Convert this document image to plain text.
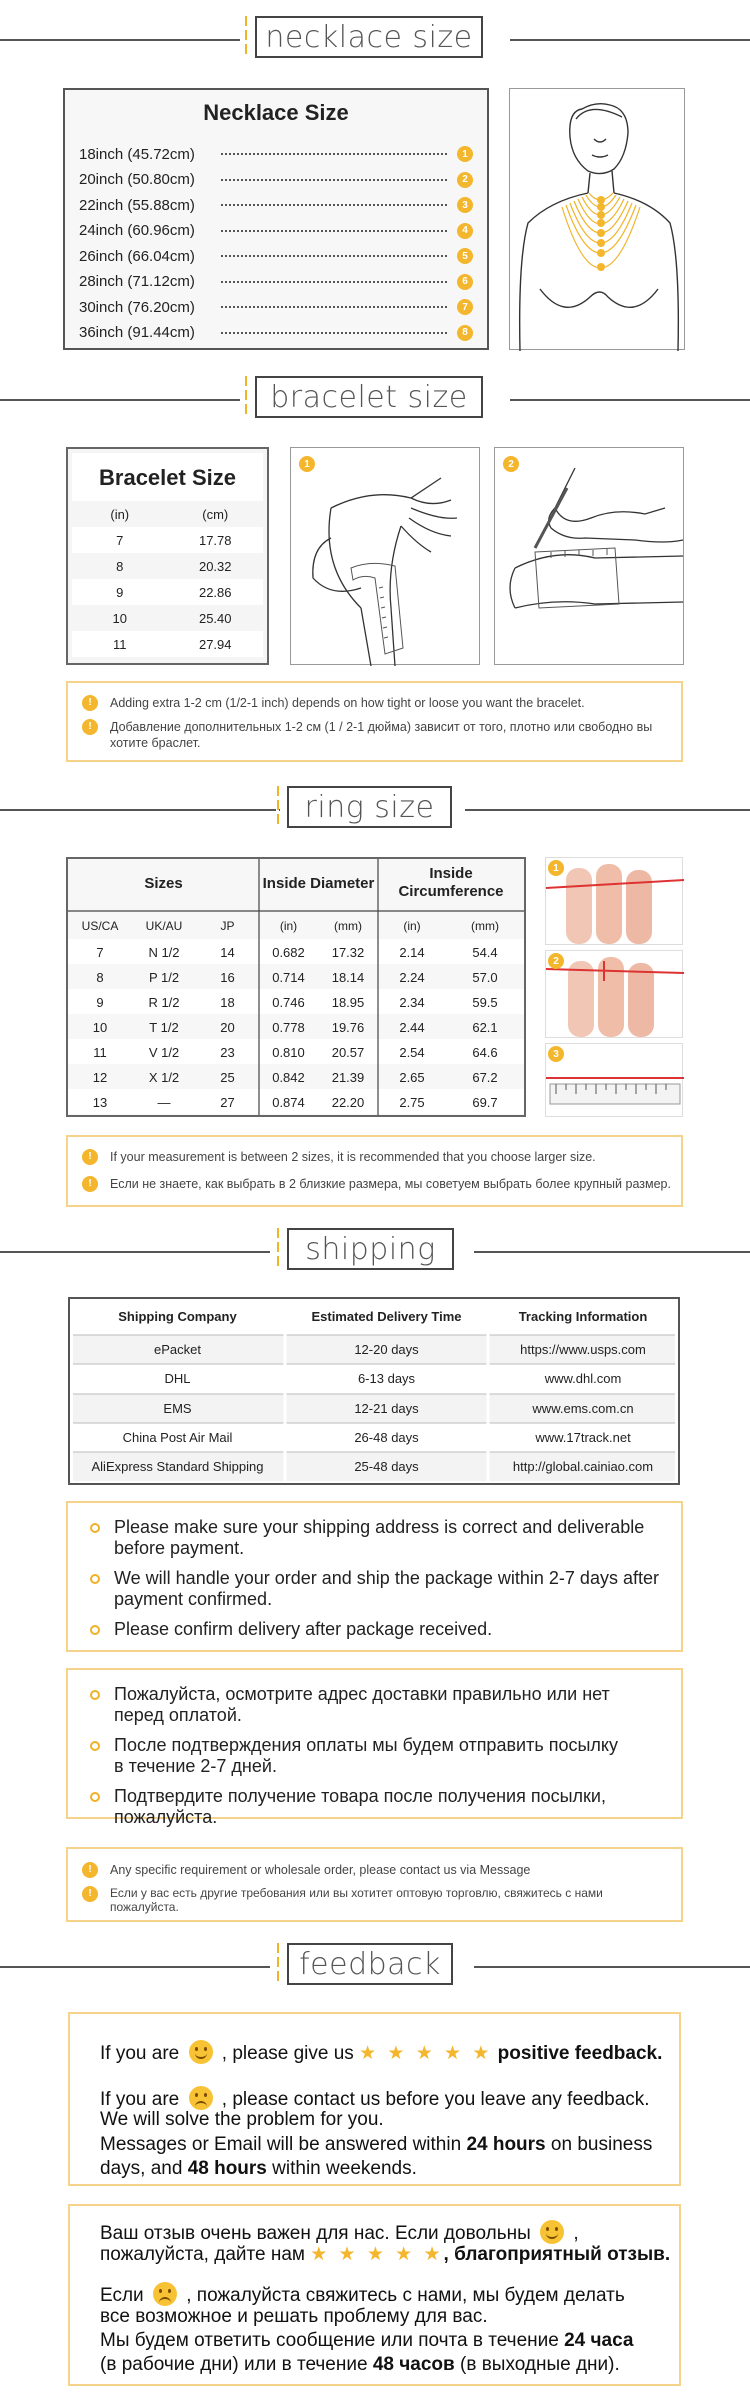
necklace size
Necklace Size
18inch (45.72cm)	1
20inch (50.80cm)	2
22inch (55.88cm)	3
24inch (60.96cm)	4
26inch (66.04cm)	5
28inch (71.12cm)	6
30inch (76.20cm)	7
36inch (91.44cm)	8
bracelet size
Bracelet Size
(in)	(cm)
7	17.78
8	20.32
9	22.86
10	25.40
11	27.94
1	2
!	Adding extra 1-2 cm (1/2-1 inch) depends on how tight or loose you want the bracelet.
!	Добавление дополнительных 1-2 см (1 / 2-1 дюйма) зависит от того, плотно или свободно вы хотите браслет.
ring size
Sizes	Inside Diameter
Inside
Circumference
US/CA	UK/AU	JP	(in)	(mm)	(in)	(mm)
7	N 1/2	14	0.682	17.32	2.14	54.4
8	P 1/2	16	0.714	18.14	2.24	57.0
9	R 1/2	18	0.746	18.95	2.34	59.5
10	T 1/2	20	0.778	19.76	2.44	62.1
11	V 1/2	23	0.810	20.57	2.54	64.6
12	X 1/2	25	0.842	21.39	2.65	67.2
13	—	27	0.874	22.20	2.75	69.7
1
2
3
!	If your measurement is between 2 sizes, it is recommended that you choose larger size.
!	Если не знаете, как выбрать в 2 близкие размера, мы советуем выбрать более крупный размер.
shipping
Shipping Company	Estimated Delivery Time	Tracking Information
ePacket	12-20 days	https://www.usps.com
DHL	6-13 days	www.dhl.com
EMS	12-21 days	www.ems.com.cn
China Post Air Mail	26-48 days	www.17track.net
AliExpress Standard Shipping	25-48 days	http://global.cainiao.com
Please make sure your shipping address is correct and deliverable
before payment.
We will handle your order and ship the package within 2-7 days after
payment confirmed.
Please confirm delivery after package received.
Пожалуйста, осмотрите адрес доставки правильно или нет
перед оплатой.
После подтверждения оплаты мы будем отправить посылку
в течение 2-7 дней.
Подтвердите получение товара после получения посылки,
пожалуйста.
!	Any specific requirement or wholesale order, please contact us via Message
!	Если у вас есть другие требования или вы хотитет оптовую торговлю, свяжитесь с нами пожалуйста.
feedback
If you are , please give us ★ ★ ★ ★ ★ positive feedback.
If you are , please contact us before you leave any feedback.
We will solve the problem for you.
Messages or Email will be answered within 24 hours on business
days, and 48 hours within weekends.
Ваш отзыв очень важен для нас. Если довольны ,
пожалуйста, дайте нам ★ ★ ★ ★ ★, благоприятный отзыв.
Если , пожалуйста свяжитесь с нами, мы будем делать
все возможное и решать проблему для вас.
Мы будем ответить сообщение или почта в течение 24 часа
(в рабочие дни) или в течение 48 часов (в выходные дни).
